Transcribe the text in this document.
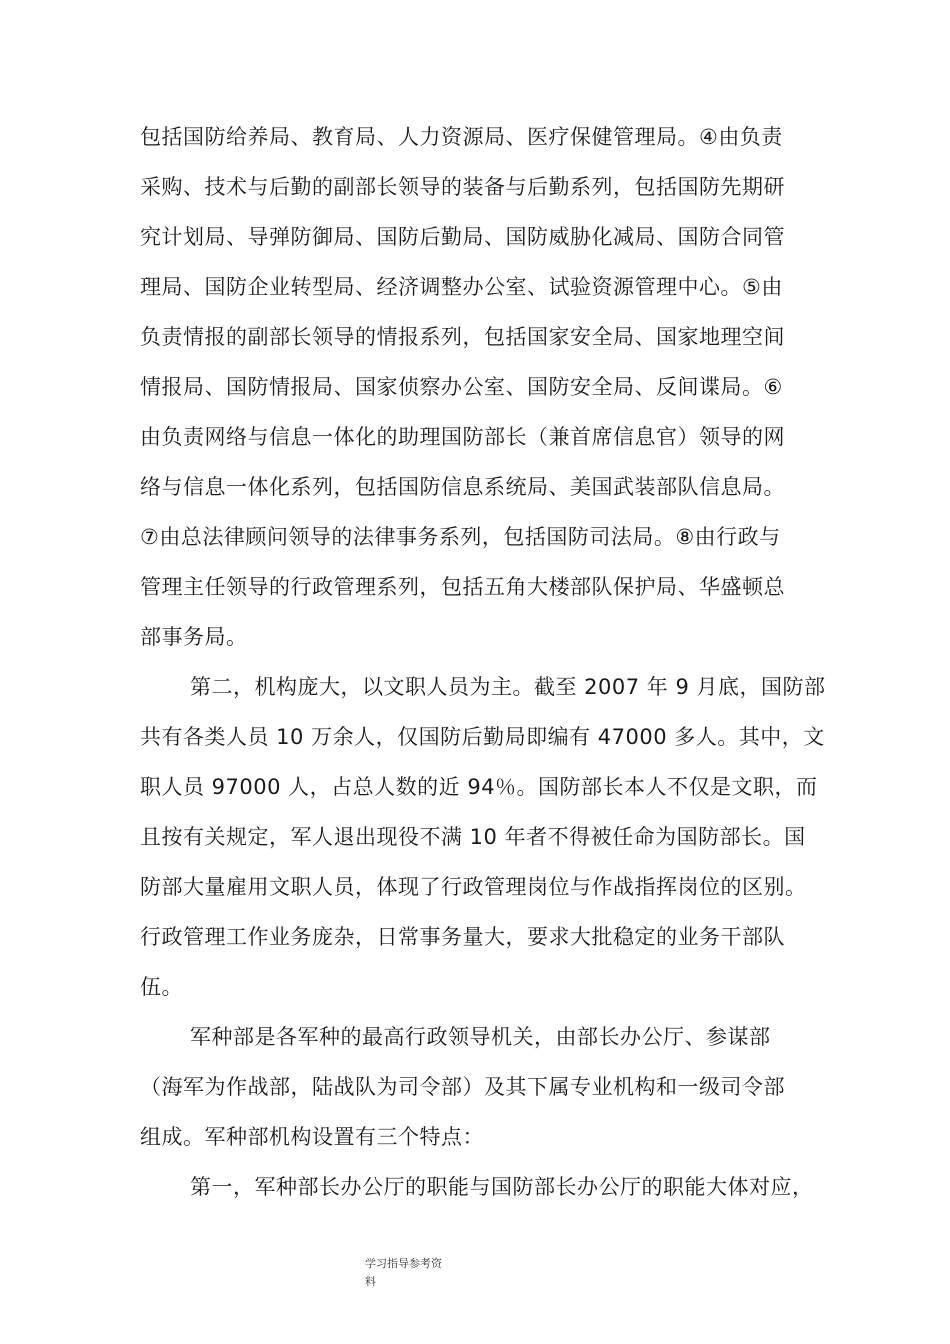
包括国防给养局、教育局、人力资源局、医疗保健管理局。④由负责
采购、技术与后勤的副部长领导的装备与后勤系列，包括国防先期研
究计划局、导弹防御局、国防后勤局、国防威胁化减局、国防合同管
理局、国防企业转型局、经济调整办公室、试验资源管理中心。⑤由
负责情报的副部长领导的情报系列，包括国家安全局、国家地理空间
情报局、国防情报局、国家侦察办公室、国防安全局、反间谍局。⑥
由负责网络与信息一体化的助理国防部长（兼首席信息官）领导的网
络与信息一体化系列，包括国防信息系统局、美国武装部队信息局。
⑦由总法律顾问领导的法律事务系列，包括国防司法局。⑧由行政与
管理主任领导的行政管理系列，包括五角大楼部队保护局、华盛顿总
部事务局。
第二，机构庞大，以文职人员为主。截至 2007 年 9 月底，国防部
共有各类人员 10 万余人，仅国防后勤局即编有 47000 多人。其中，文
职人员 97000 人，占总人数的近 94％。国防部长本人不仅是文职，而
且按有关规定，军人退出现役不满 10 年者不得被任命为国防部长。国
防部大量雇用文职人员，体现了行政管理岗位与作战指挥岗位的区别。
行政管理工作业务庞杂，日常事务量大，要求大批稳定的业务干部队
伍。
军种部是各军种的最高行政领导机关，由部长办公厅、参谋部
（海军为作战部，陆战队为司令部）及其下属专业机构和一级司令部
组成。军种部机构设置有三个特点：
第一，军种部长办公厅的职能与国防部长办公厅的职能大体对应，
学习指导参考资
料
